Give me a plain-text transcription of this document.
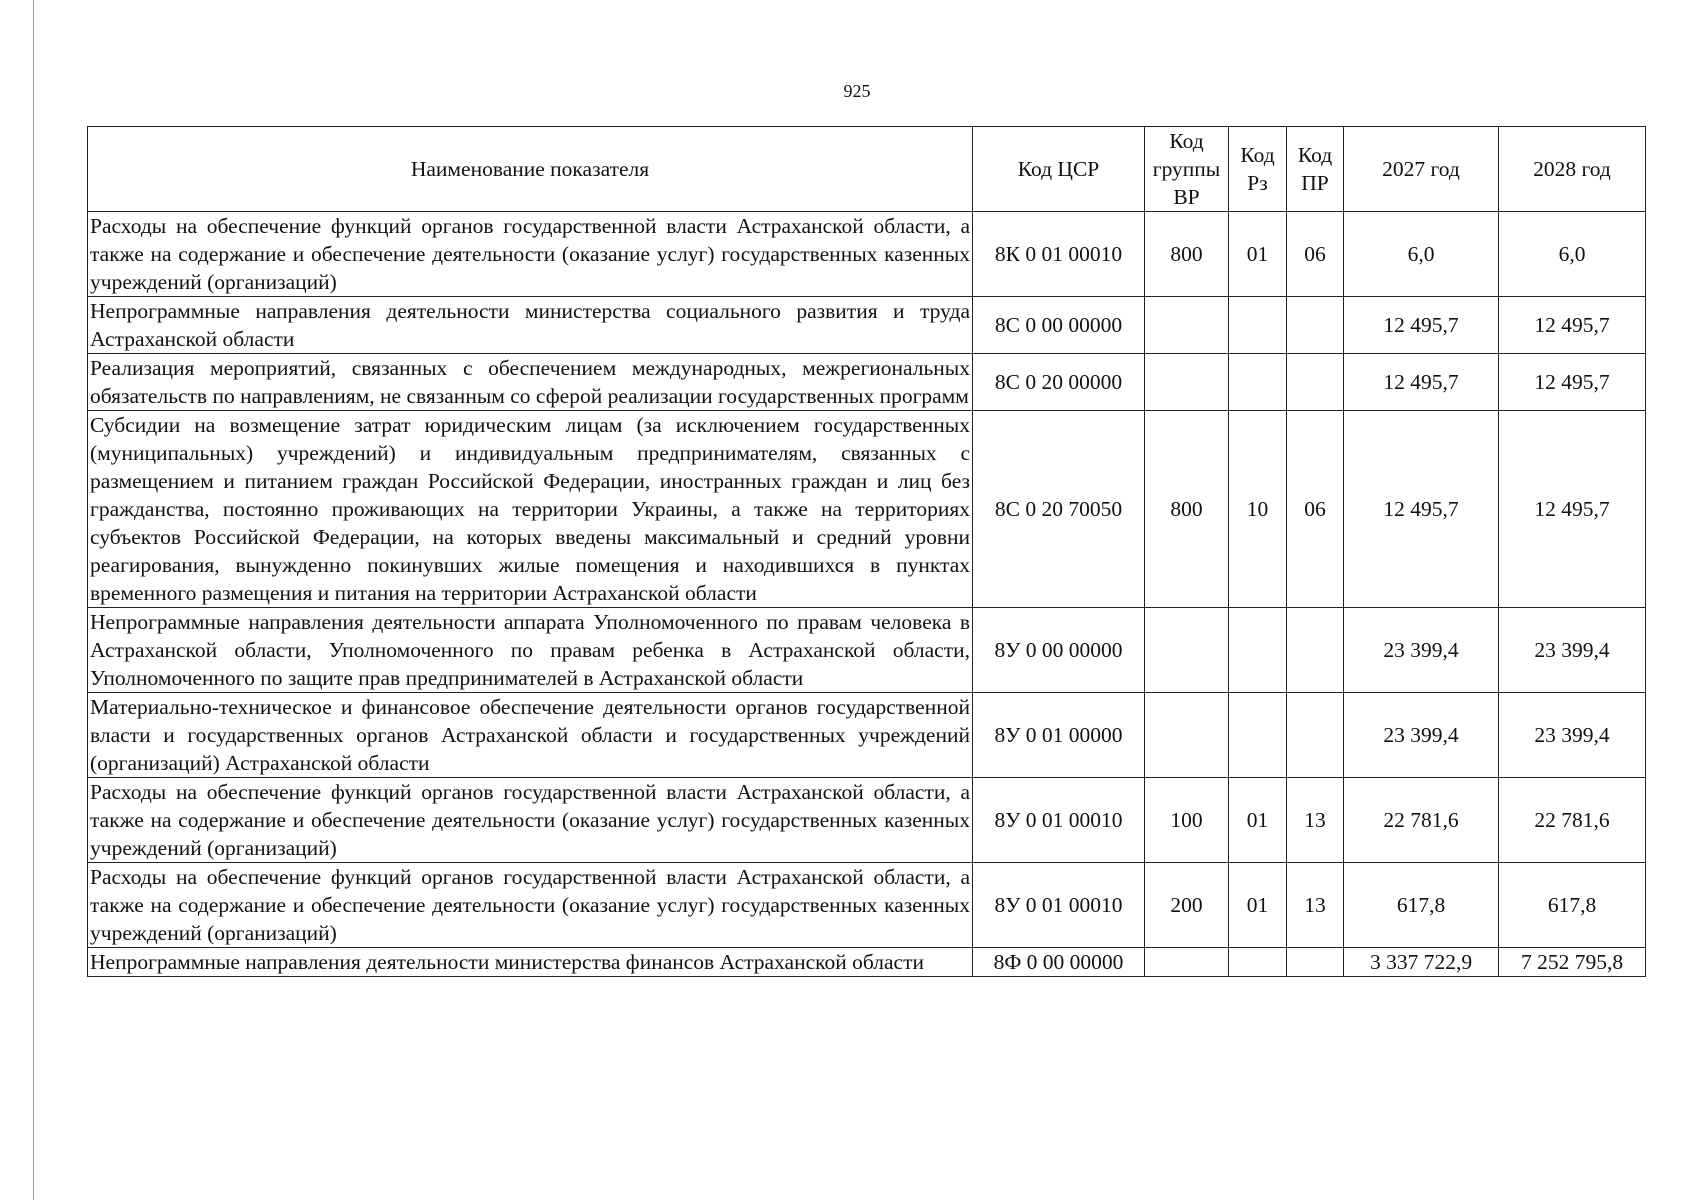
925
Наименование показателя	Код ЦСР	Код группы ВР	Код Рз	Код ПР	2027 год	2028 год
Расходы на обеспечение функций органов государственной власти Астраханской области, а также на содержание и обеспечение деятельности (оказание услуг) государственных казенных учреждений (организаций)	8К 0 01 00010	800	01	06	6,0	6,0
Непрограммные направления деятельности министерства социального развития и труда Астраханской области	8С 0 00 00000				12 495,7	12 495,7
Реализация мероприятий, связанных с обеспечением международных, межрегиональных обязательств по направлениям, не связанным со сферой реализации государственных программ	8С 0 20 00000				12 495,7	12 495,7
Субсидии на возмещение затрат юридическим лицам (за исключением государственных (муниципальных) учреждений) и индивидуальным предпринимателям, связанных с размещением и питанием граждан Российской Федерации, иностранных граждан и лиц без гражданства, постоянно проживающих на территории Украины, а также на территориях субъектов Российской Федерации, на которых введены максимальный и средний уровни реагирования, вынужденно покинувших жилые помещения и находившихся в пунктах временного размещения и питания на территории Астраханской области	8С 0 20 70050	800	10	06	12 495,7	12 495,7
Непрограммные направления деятельности аппарата Уполномоченного по правам человека в Астраханской области, Уполномоченного по правам ребенка в Астраханской области, Уполномоченного по защите прав предпринимателей в Астраханской области	8У 0 00 00000				23 399,4	23 399,4
Материально-техническое и финансовое обеспечение деятельности органов государственной власти и государственных органов Астраханской области и государственных учреждений (организаций) Астраханской области	8У 0 01 00000				23 399,4	23 399,4
Расходы на обеспечение функций органов государственной власти Астраханской области, а также на содержание и обеспечение деятельности (оказание услуг) государственных казенных учреждений (организаций)	8У 0 01 00010	100	01	13	22 781,6	22 781,6
Расходы на обеспечение функций органов государственной власти Астраханской области, а также на содержание и обеспечение деятельности (оказание услуг) государственных казенных учреждений (организаций)	8У 0 01 00010	200	01	13	617,8	617,8
Непрограммные направления деятельности министерства финансов Астраханской области	8Ф 0 00 00000				3 337 722,9	7 252 795,8
